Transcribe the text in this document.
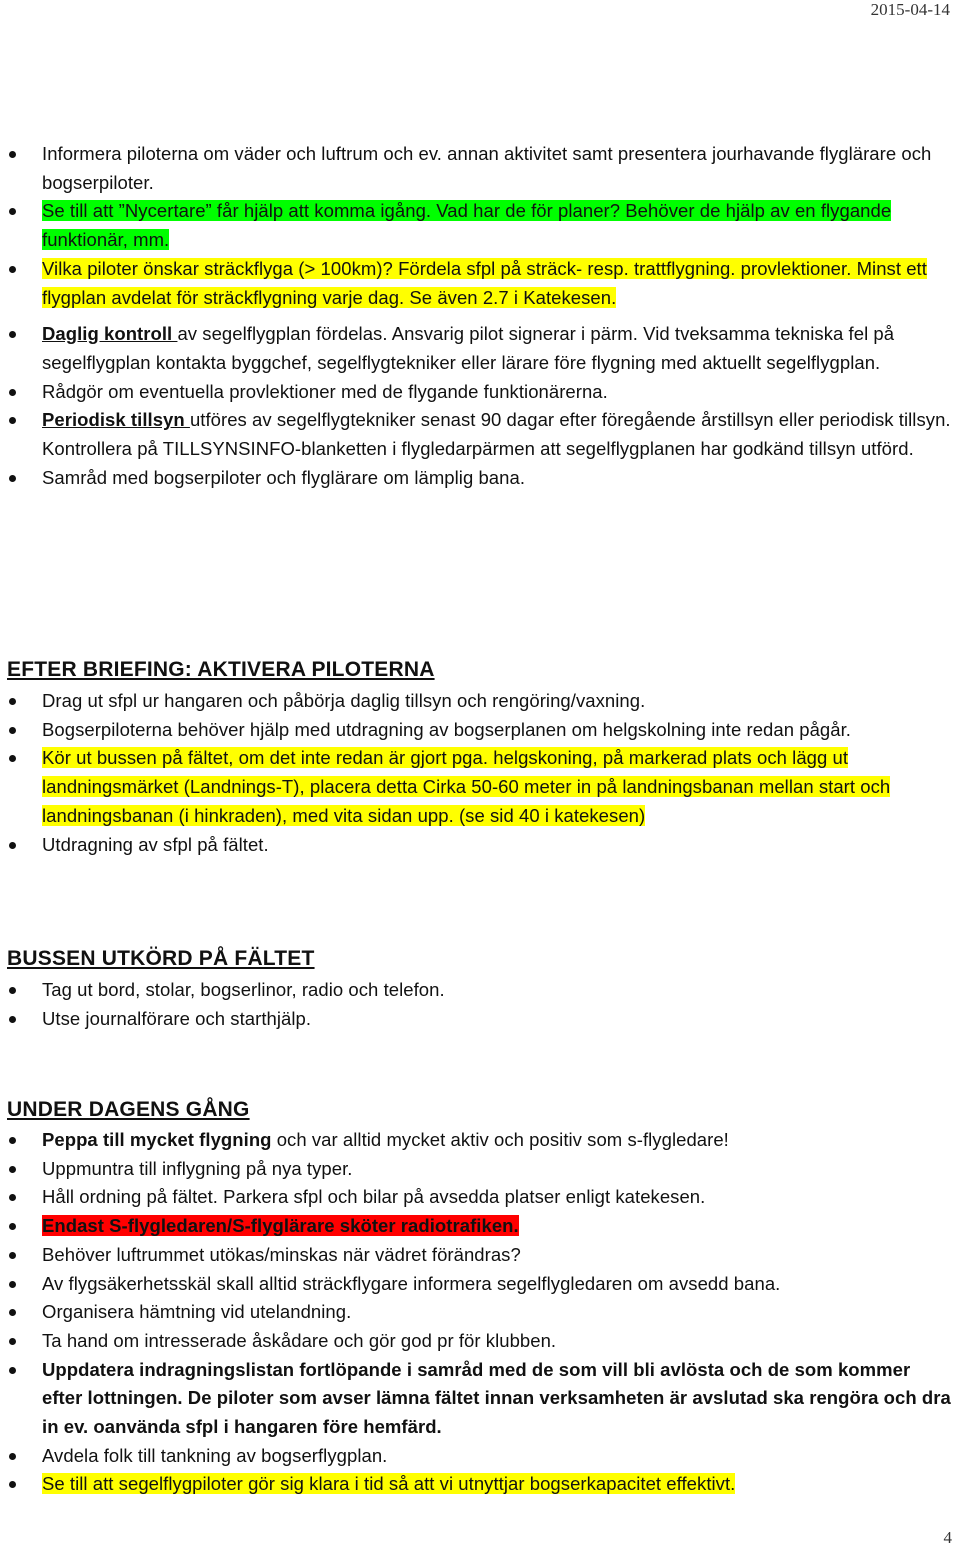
2015-04-14
Informera piloterna om väder och luftrum och ev. annan aktivitet samt presentera jourhavande flyglärare och bogserpiloter.
Se till att ”Nycertare” får hjälp att komma igång. Vad har de för planer? Behöver de hjälp av en flygande funktionär, mm.
Vilka piloter önskar sträckflyga (> 100km)? Fördela sfpl på sträck- resp. trattflygning. provlektioner. Minst ett flygplan avdelat för sträckflygning varje dag. Se även 2.7 i Katekesen.
Daglig kontroll av segelflygplan fördelas. Ansvarig pilot signerar i pärm. Vid tveksamma tekniska fel på segelflygplan kontakta byggchef, segelflygtekniker eller lärare före flygning med aktuellt segelflygplan.
Rådgör om eventuella provlektioner med de flygande funktionärerna.
Periodisk tillsyn utföres av segelflygtekniker senast 90 dagar efter föregående årstillsyn eller periodisk tillsyn. Kontrollera på TILLSYNSINFO-blanketten i flygledarpärmen att segelflygplanen har godkänd tillsyn utförd.
Samråd med bogserpiloter och flyglärare om lämplig bana.
EFTER BRIEFING: AKTIVERA PILOTERNA
Drag ut sfpl ur hangaren och påbörja daglig tillsyn och rengöring/vaxning.
Bogserpiloterna behöver hjälp med utdragning av bogserplanen om helgskolning inte redan pågår.
Kör ut bussen på fältet, om det inte redan är gjort pga. helgskoning, på markerad plats och lägg ut landningsmärket (Landnings-T), placera detta Cirka 50-60 meter in på landningsbanan mellan start och landningsbanan (i hinkraden), med vita sidan upp. (se sid 40 i katekesen)
Utdragning av sfpl på fältet.
BUSSEN UTKÖRD PÅ FÄLTET
Tag ut bord, stolar, bogserlinor, radio och telefon.
Utse journalförare och starthjälp.
UNDER DAGENS GÅNG
Peppa till mycket flygning och var alltid mycket aktiv och positiv som s-flygledare!
Uppmuntra till inflygning på nya typer.
Håll ordning på fältet. Parkera sfpl och bilar på avsedda platser enligt katekesen.
Endast S-flygledaren/S-flyglärare sköter radiotrafiken.
Behöver luftrummet utökas/minskas när vädret förändras?
Av flygsäkerhetsskäl skall alltid sträckflygare informera segelflygledaren om avsedd bana.
Organisera hämtning vid utelandning.
Ta hand om intresserade åskådare och gör god pr för klubben.
Uppdatera indragningslistan fortlöpande i samråd med de som vill bli avlösta och de som kommer efter lottningen. De piloter som avser lämna fältet innan verksamheten är avslutad ska rengöra och dra in ev. oanvända sfpl i hangaren före hemfärd.
Avdela folk till tankning av bogserflygplan.
Se till att segelflygpiloter gör sig klara i tid så att vi utnyttjar bogserkapacitet effektivt.
4
